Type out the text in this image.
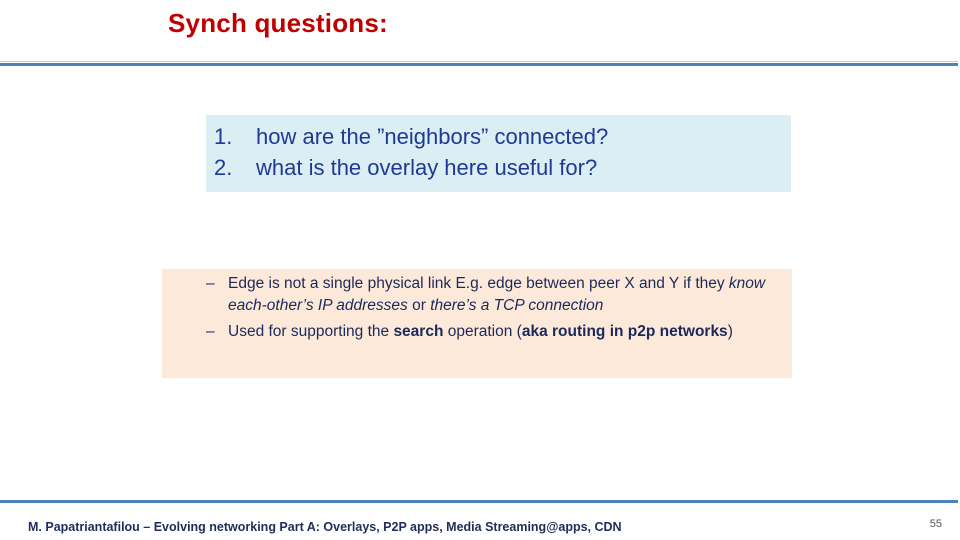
Synch questions:
1. how are the ”neighbors” connected?
2. what is the overlay here useful for?
– Edge is not a single physical link E.g. edge between peer X and Y if they know each-other’s IP addresses or there’s a TCP connection
– Used for supporting the search operation (aka routing in p2p networks)
M. Papatriantafilou – Evolving networking Part A: Overlays, P2P apps, Media Streaming@apps, CDN	55
